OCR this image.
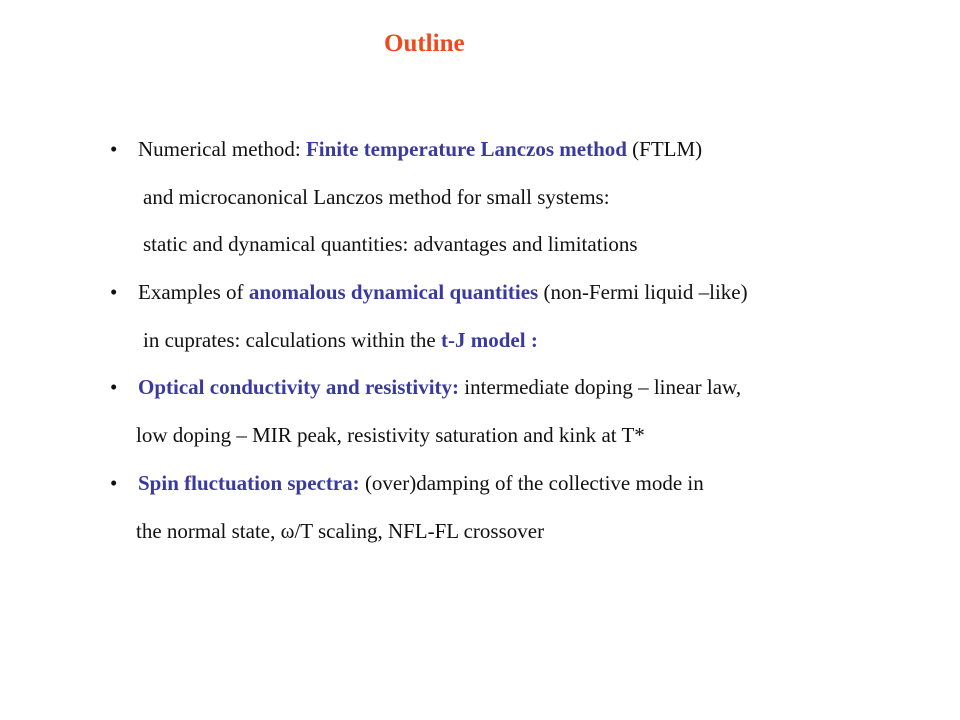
Outline
• Numerical method: Finite temperature Lanczos method (FTLM)
and microcanonical Lanczos method for small systems:
static and dynamical quantities: advantages and limitations
• Examples of anomalous dynamical quantities (non-Fermi liquid –like)
in cuprates: calculations within the t-J model :
• Optical conductivity and resistivity: intermediate doping – linear law,
low doping – MIR peak, resistivity saturation and kink at T*
• Spin fluctuation spectra: (over)damping of the collective mode in
the normal state, ω/T scaling, NFL-FL crossover
